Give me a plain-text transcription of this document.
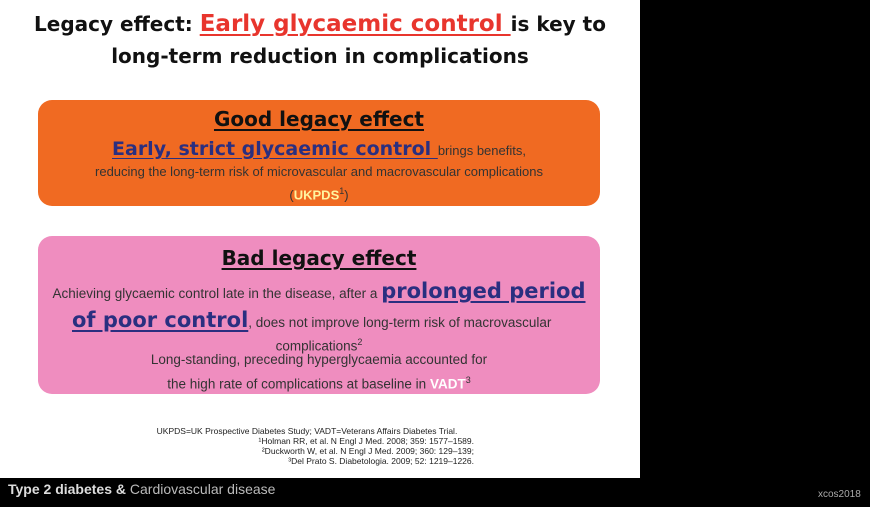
Legacy effect: Early glycaemic control is key to
long-term reduction in complications
Good legacy effect
Early, strict glycaemic control brings benefits,
reducing the long-term risk of microvascular and macrovascular complications
(UKPDS$^1$)
Bad legacy effect
Achieving glycaemic control late in the disease, after a prolonged period
of poor control, does not improve long-term risk of macrovascular
complications$^2$
Long-standing, preceding hyperglycaemia accounted for
the high rate of complications at baseline in VADT$^3$
UKPDS=UK Prospective Diabetes Study; VADT=Veterans Affairs Diabetes Trial.
¹Holman RR, et al. N Engl J Med. 2008; 359: 1577–1589.
²Duckworth W, et al. N Engl J Med. 2009; 360: 129–139;
³Del Prato S. Diabetologia. 2009; 52: 1219–1226.
Type 2 diabetes & Cardiovascular disease	xcos2018
